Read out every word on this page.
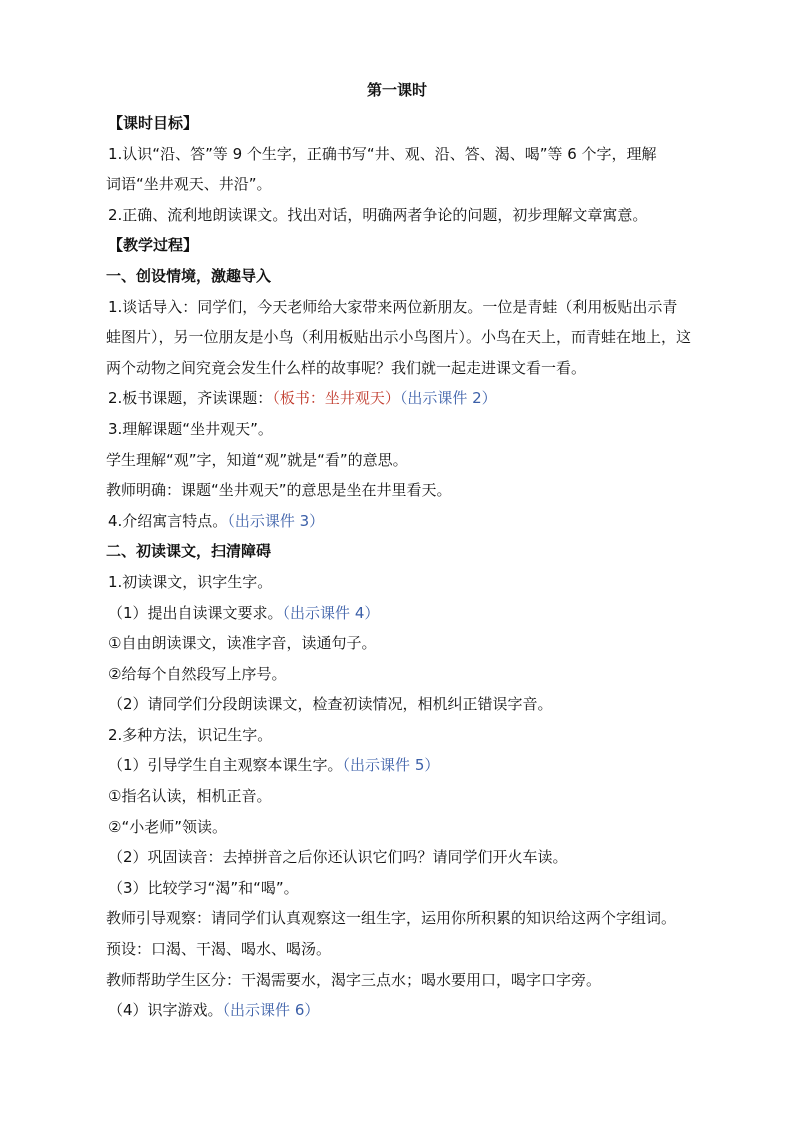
第一课时
【课时目标】
1.认识“沿、答”等 9 个生字，正确书写“井、观、沿、答、渴、喝”等 6 个字，理解
词语“坐井观天、井沿”。
2.正确、流利地朗读课文。找出对话，明确两者争论的问题，初步理解文章寓意。
【教学过程】
一、创设情境，激趣导入
1.谈话导入：同学们，今天老师给大家带来两位新朋友。一位是青蛙（利用板贴出示青
蛙图片），另一位朋友是小鸟（利用板贴出示小鸟图片）。小鸟在天上，而青蛙在地上，这
两个动物之间究竟会发生什么样的故事呢？我们就一起走进课文看一看。
2.板书课题，齐读课题：（板书：坐井观天）（出示课件 2）
3.理解课题“坐井观天”。
学生理解“观”字，知道“观”就是“看”的意思。
教师明确：课题“坐井观天”的意思是坐在井里看天。
4.介绍寓言特点。（出示课件 3）
二、初读课文，扫清障碍
1.初读课文，识字生字。
（1）提出自读课文要求。（出示课件 4）
①自由朗读课文，读准字音，读通句子。
②给每个自然段写上序号。
（2）请同学们分段朗读课文，检查初读情况，相机纠正错误字音。
2.多种方法，识记生字。
（1）引导学生自主观察本课生字。（出示课件 5）
①指名认读，相机正音。
②“小老师”领读。
（2）巩固读音：去掉拼音之后你还认识它们吗？请同学们开火车读。
（3）比较学习“渴”和“喝”。
教师引导观察：请同学们认真观察这一组生字，运用你所积累的知识给这两个字组词。
预设：口渴、干渴、喝水、喝汤。
教师帮助学生区分：干渴需要水，渴字三点水；喝水要用口，喝字口字旁。
（4）识字游戏。（出示课件 6）
